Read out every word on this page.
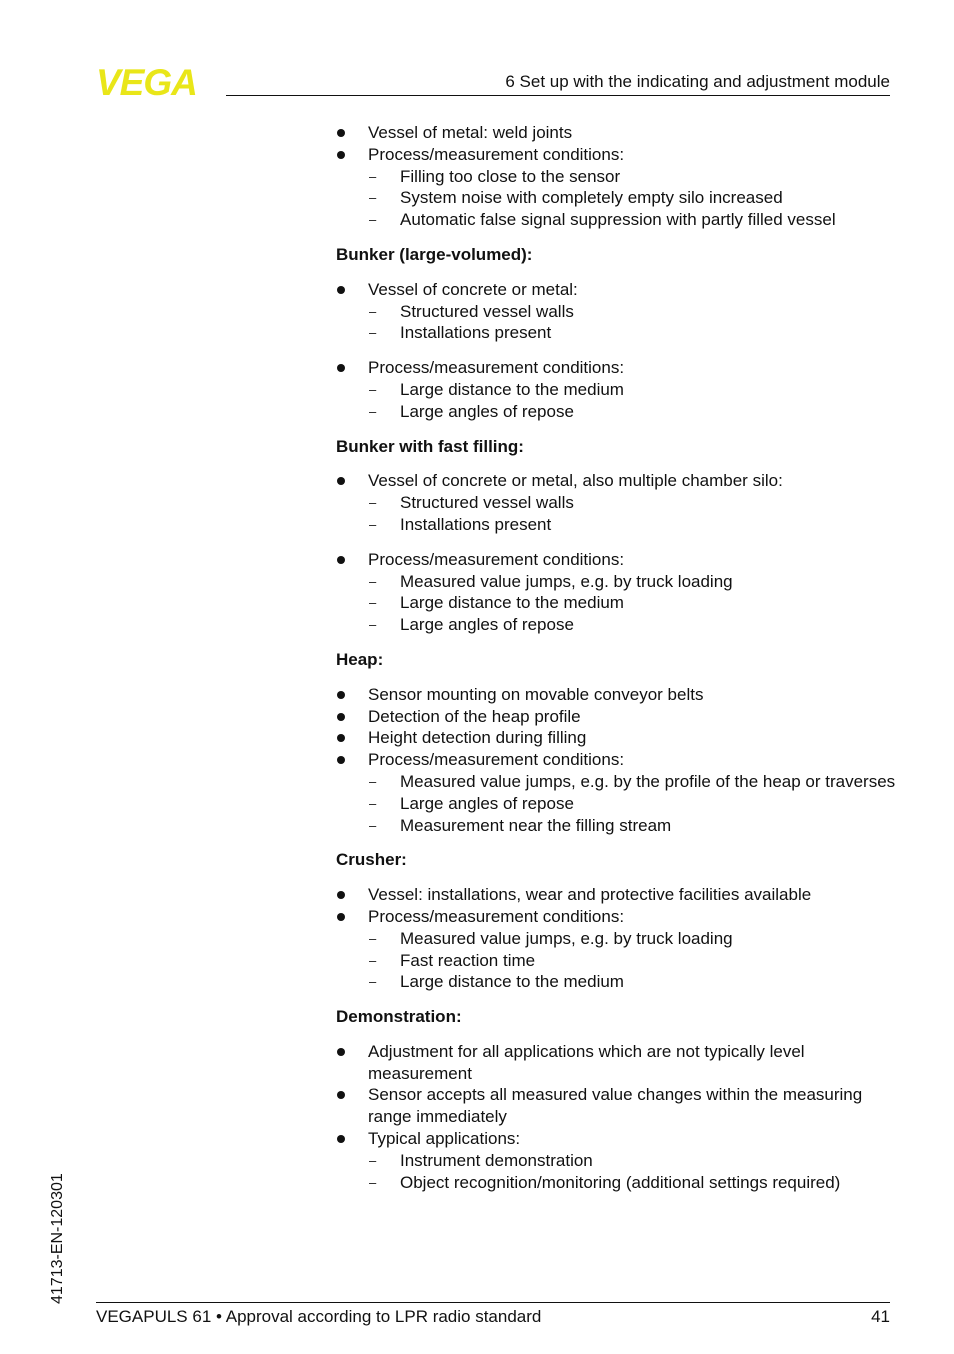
VEGA	6 Set up with the indicating and adjustment module
Vessel of metal: weld joints
Process/measurement conditions:
– Filling too close to the sensor
– System noise with completely empty silo increased
– Automatic false signal suppression with partly filled vessel
Bunker (large-volumed):
Vessel of concrete or metal:
– Structured vessel walls
– Installations present
Process/measurement conditions:
– Large distance to the medium
– Large angles of repose
Bunker with fast filling:
Vessel of concrete or metal, also multiple chamber silo:
– Structured vessel walls
– Installations present
Process/measurement conditions:
– Measured value jumps, e.g. by truck loading
– Large distance to the medium
– Large angles of repose
Heap:
Sensor mounting on movable conveyor belts
Detection of the heap profile
Height detection during filling
Process/measurement conditions:
– Measured value jumps, e.g. by the profile of the heap or traverses
– Large angles of repose
– Measurement near the filling stream
Crusher:
Vessel: installations, wear and protective facilities available
Process/measurement conditions:
– Measured value jumps, e.g. by truck loading
– Fast reaction time
– Large distance to the medium
Demonstration:
Adjustment for all applications which are not typically level measurement
Sensor accepts all measured value changes within the measuring range immediately
Typical applications:
– Instrument demonstration
– Object recognition/monitoring (additional settings required)
41713-EN-120301
VEGAPULS 61 • Approval according to LPR radio standard	41
